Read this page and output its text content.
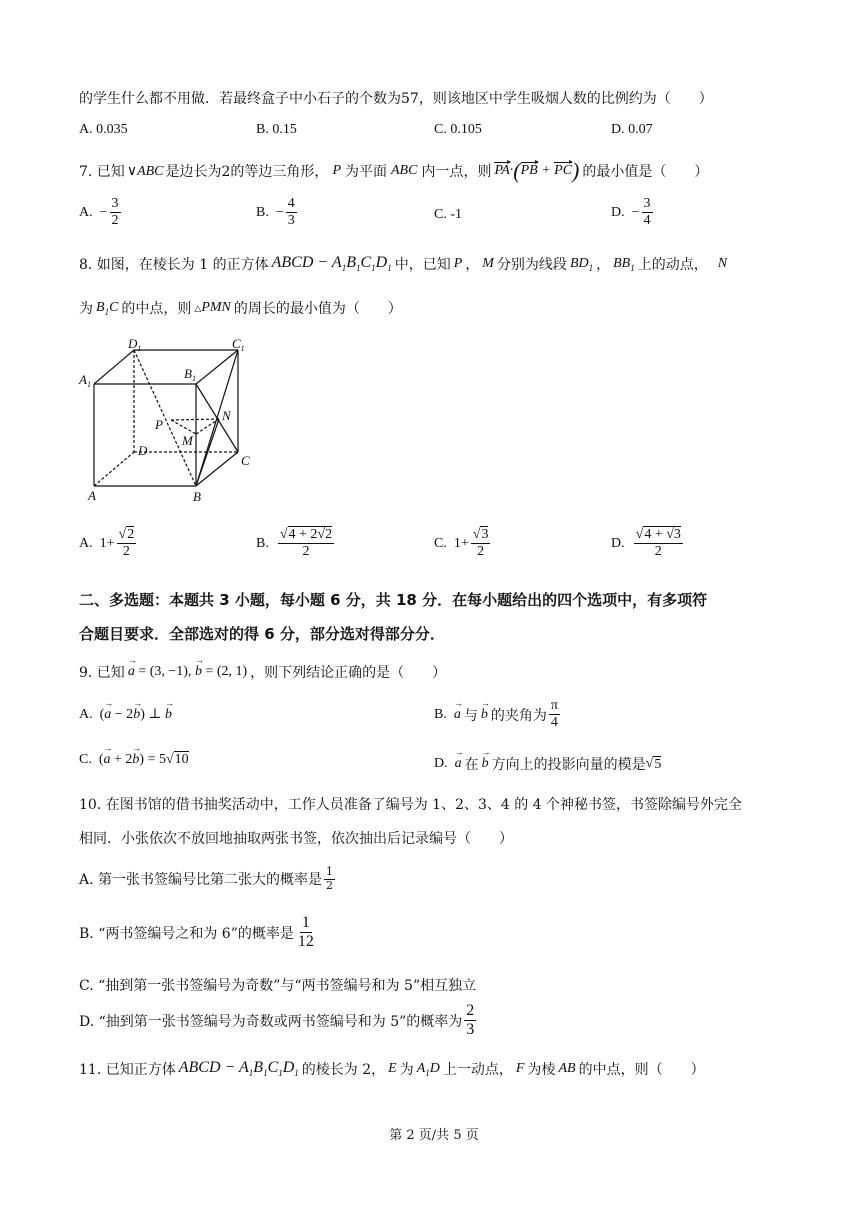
的学生什么都不用做．若最终盒子中小石子的个数为57，则该地区中学生吸烟人数的比例约为（　　）
A. 0.035	B. 0.15	C. 0.105	D. 0.07
7. 已知 ∨ABC 是边长为2的等边三角形， P 为平面 ABC 内一点，则 PA·(PB + PC) 的最小值是（　　）
A. − $\frac{3}{2}$	B. − $\frac{4}{3}$	C. -1	D. − $\frac{3}{4}$
8. 如图，在棱长为 1 的正方体 ABCD − $A_1B_1C_1D_1$ 中，已知 P ， M 分别为线段 $BD_1$ ， $BB_1$ 上的动点， N
为 $B_1C$ 的中点，则 △PMN 的周长的最小值为（　　）
$D_1$	$C_1$
$A_1$
$B_1$
P
N
M
D
C
A	B
A. $1+ \frac{√2}{2}$	B.
$\frac{√4 + 2√2}{2}$	C. $1+ \frac{√3}{2}$	D.
$\frac{√4 + √3}{2}$
二、多选题：本题共 3 小题，每小题 6 分，共 18 分．在每小题给出的四个选项中，有多项符
合题目要求．全部选对的得 6 分，部分选对得部分分．
9. 已知 → a = (3, −1), → b = (2, 1) ，则下列结论正确的是（　　）
A.  (→ a − 2→ b) ⊥ → b	B. → a 与 → b 的夹角为 $\frac{\pi}{4}$
C.  (→ a + 2→ b) = 5√10	D. → a 在 → b 方向上的投影向量的模是 √ 5
10. 在图书馆的借书抽奖活动中，工作人员准备了编号为 1、2、3、4 的 4 个神秘书签，书签除编号外完全
相同．小张依次不放回地抽取两张书签，依次抽出后记录编号（　　）
A. 第一张书签编号比第二张大的概率是 $\frac{1}{2}$
B. “两书签编号之和为 6”的概率是 $\frac{1}{12}$
C. “抽到第一张书签编号为奇数”与“两书签编号和为 5”相互独立
D. “抽到第一张书签编号为奇数或两书签编号和为 5”的概率为 $\frac{2}{3}$
11. 已知正方体 ABCD − $A_1B_1C_1D_1$ 的棱长为 2， E 为 $A_1D$ 上一动点， F 为棱 AB 的中点，则（　　）
第 2 页/共 5 页
